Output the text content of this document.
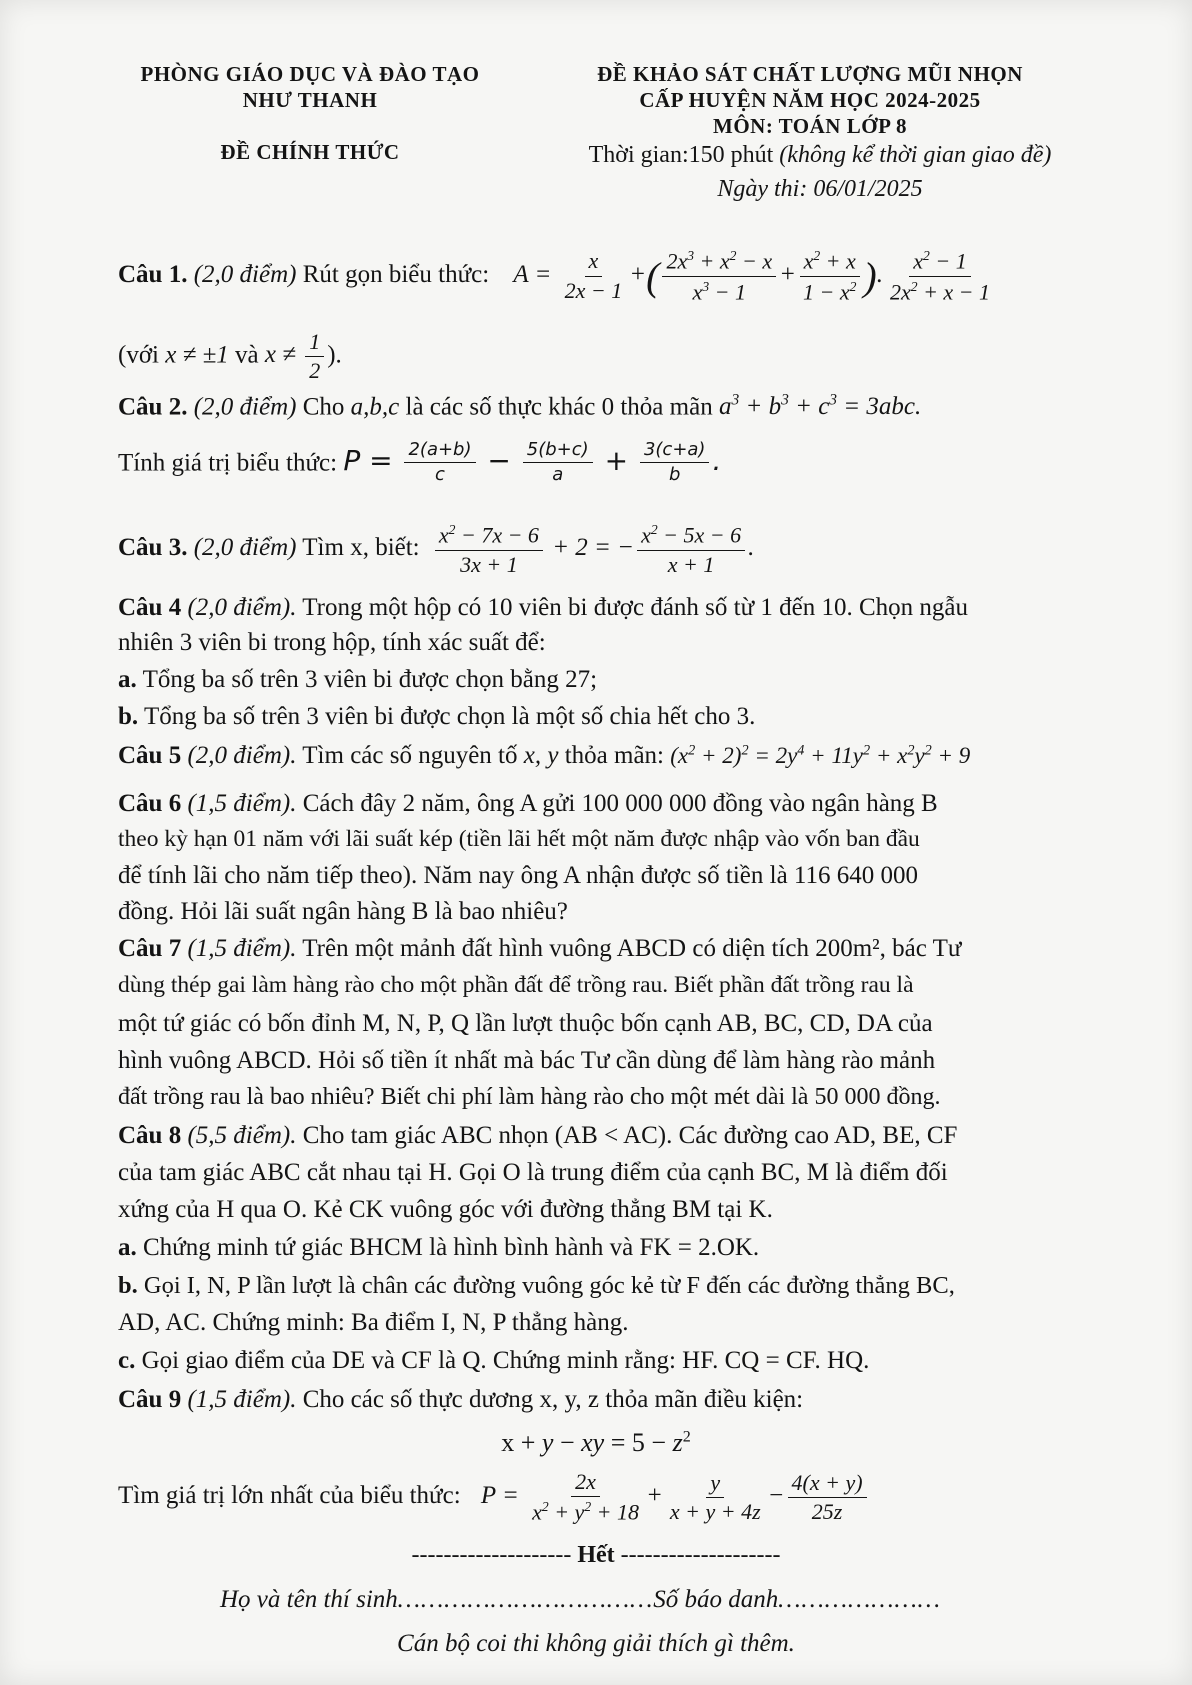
PHÒNG GIÁO DỤC VÀ ĐÀO TẠO
NHƯ THANH
ĐỀ CHÍNH THỨC
ĐỀ KHẢO SÁT CHẤT LƯỢNG MŨI NHỌN
CẤP HUYỆN NĂM HỌC 2024-2025
MÔN: TOÁN LỚP 8
Thời gian:150 phút (không kể thời gian giao đề)
Ngày thi: 06/01/2025
Câu 1. (2,0 điểm) Rút gọn biểu thức: $A = \frac{x}{2x - 1}$ +( $\frac{2x^3 + x^2 - x}{x^3 - 1} + \frac{x^2 + x}{1 - x^2}$ ). $\frac{x^2 - 1}{2x^2 + x - 1}$
(với x ≠ ±1 và $x \ne \frac{1}{2}$ ).
Câu 2. (2,0 điểm) Cho a,b,c là các số thực khác 0 thỏa mãn $a^3 + b^3 + c^3 = 3abc$.
Tính giá trị biểu thức: $P = \frac{2(a+b)}{c} - \frac{5(b+c)}{a} + \frac{3(c+a)}{b}$ .
Câu 3. (2,0 điểm) Tìm x, biết: $\frac{x^2 - 7x - 6}{3x + 1} + 2$ = − $\frac{x^2 - 5x - 6}{x + 1}$ .
Câu 4 (2,0 điểm). Trong một hộp có 10 viên bi được đánh số từ 1 đến 10. Chọn ngẫu
nhiên 3 viên bi trong hộp, tính xác suất để:
a. Tổng ba số trên 3 viên bi được chọn bằng 27;
b. Tổng ba số trên 3 viên bi được chọn là một số chia hết cho 3.
Câu 5 (2,0 điểm). Tìm các số nguyên tố x, y thỏa mãn: $(x^2 + 2)^2 = 2y^4 + 11y^2 + x^2y^2 + 9$
Câu 6 (1,5 điểm). Cách đây 2 năm, ông A gửi 100 000 000 đồng vào ngân hàng B
theo kỳ hạn 01 năm với lãi suất kép (tiền lãi hết một năm được nhập vào vốn ban đầu
để tính lãi cho năm tiếp theo). Năm nay ông A nhận được số tiền là 116 640 000
đồng. Hỏi lãi suất ngân hàng B là bao nhiêu?
Câu 7 (1,5 điểm). Trên một mảnh đất hình vuông ABCD có diện tích 200m², bác Tư
dùng thép gai làm hàng rào cho một phần đất để trồng rau. Biết phần đất trồng rau là
một tứ giác có bốn đỉnh M, N, P, Q lần lượt thuộc bốn cạnh AB, BC, CD, DA của
hình vuông ABCD. Hỏi số tiền ít nhất mà bác Tư cần dùng để làm hàng rào mảnh
đất trồng rau là bao nhiêu? Biết chi phí làm hàng rào cho một mét dài là 50 000 đồng.
Câu 8 (5,5 điểm). Cho tam giác ABC nhọn (AB < AC). Các đường cao AD, BE, CF
của tam giác ABC cắt nhau tại H. Gọi O là trung điểm của cạnh BC, M là điểm đối
xứng của H qua O. Kẻ CK vuông góc với đường thẳng BM tại K.
a. Chứng minh tứ giác BHCM là hình bình hành và FK = 2.OK.
b. Gọi I, N, P lần lượt là chân các đường vuông góc kẻ từ F đến các đường thẳng BC,
AD, AC. Chứng minh: Ba điểm I, N, P thẳng hàng.
c. Gọi giao điểm của DE và CF là Q. Chứng minh rằng: HF. CQ = CF. HQ.
Câu 9 (1,5 điểm). Cho các số thực dương x, y, z thỏa mãn điều kiện:
x + y − xy = $5 - z^2$
Tìm giá trị lớn nhất của biểu thức: $P = \frac{2x}{x^2 + y^2 + 18} + \frac{y}{x + y + 4z} - \frac{4(x + y)}{25z}$
-------------------- Hết --------------------
Họ và tên thí sinh……………………………Số báo danh…………………
Cán bộ coi thi không giải thích gì thêm.
